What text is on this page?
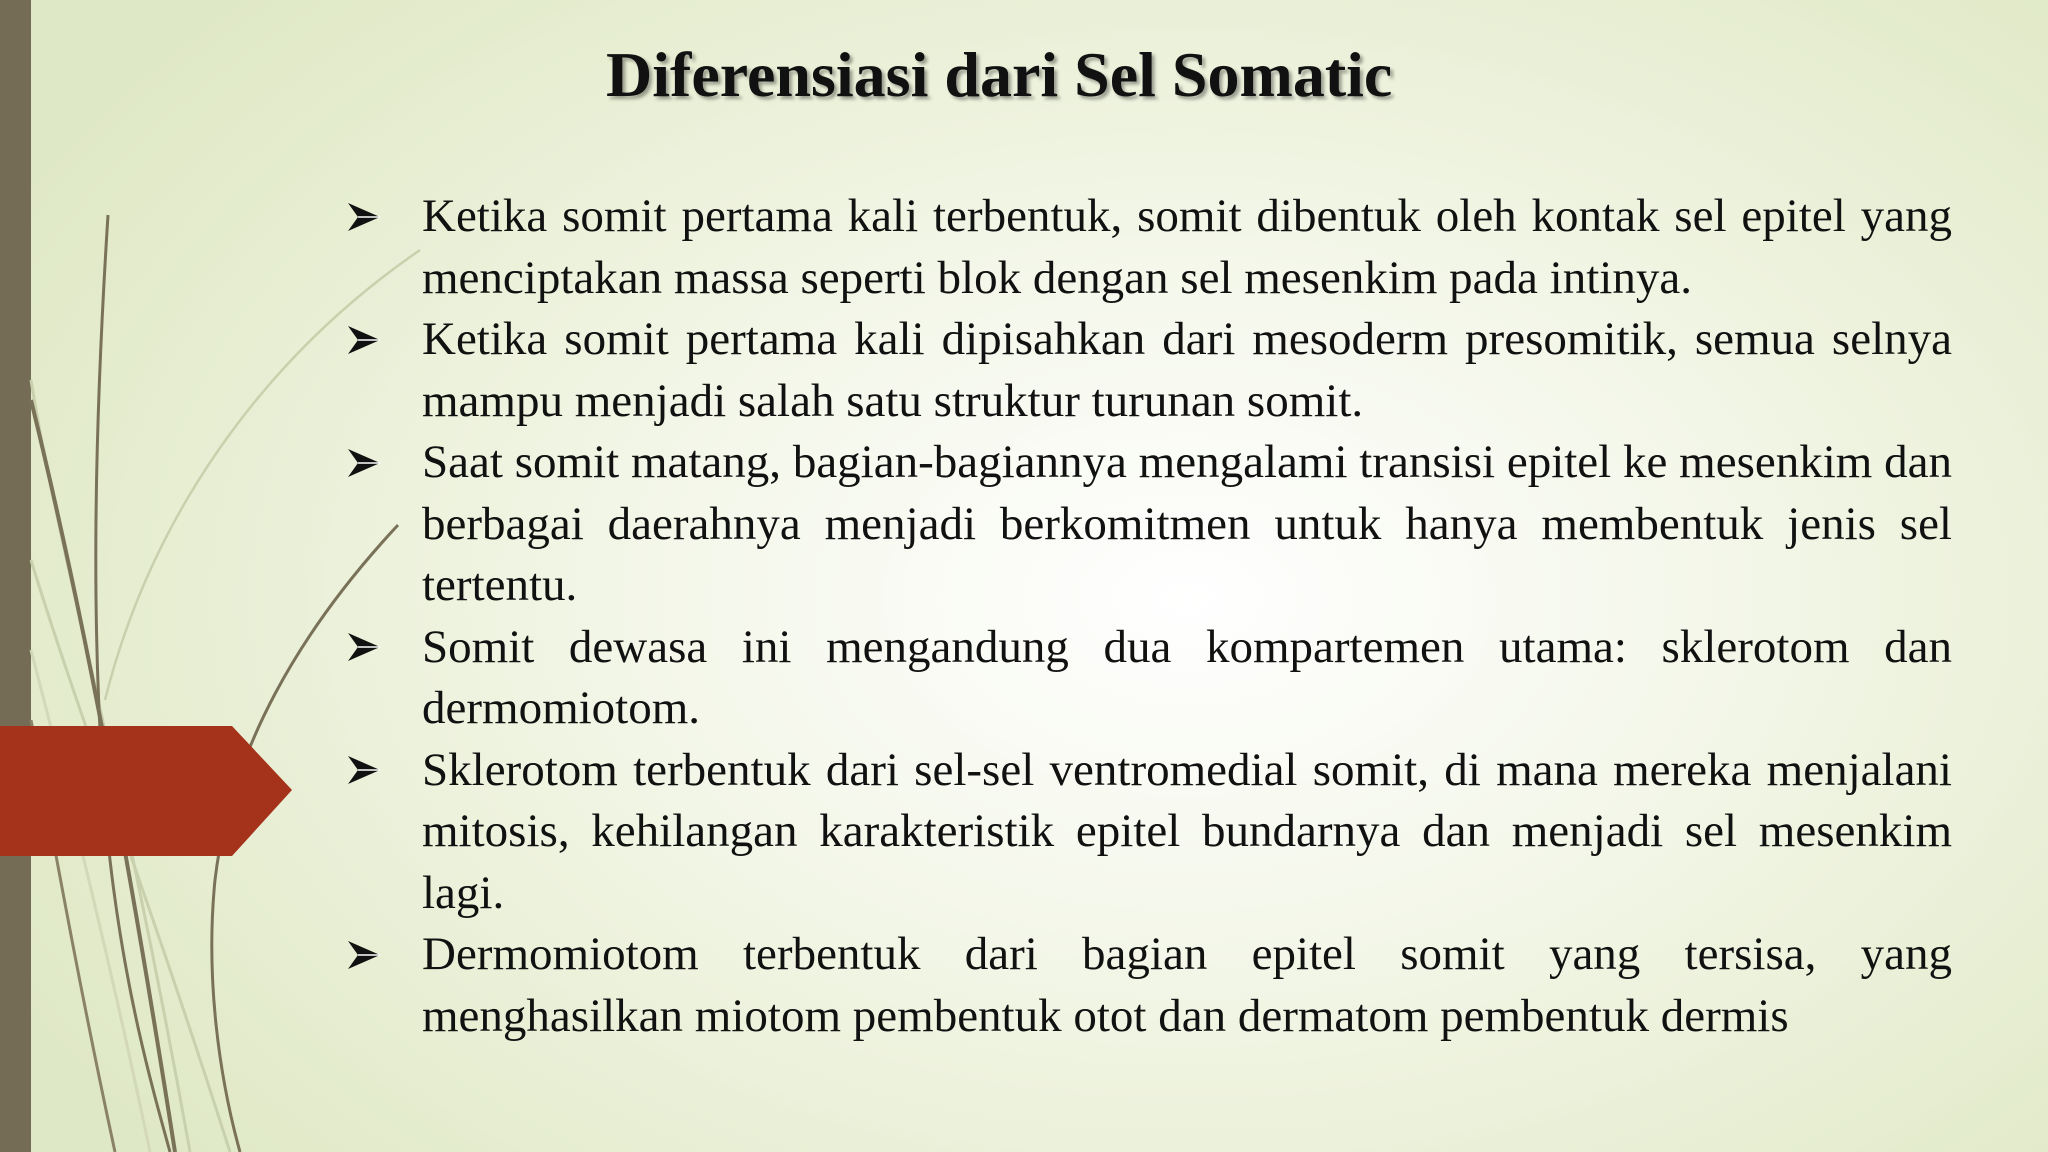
Diferensiasi dari Sel Somatic
Ketika somit pertama kali terbentuk, somit dibentuk oleh kontak sel epitel yang menciptakan massa seperti blok dengan sel mesenkim pada intinya.
Ketika somit pertama kali dipisahkan dari mesoderm presomitik, semua selnya mampu menjadi salah satu struktur turunan somit.
Saat somit matang, bagian-bagiannya mengalami transisi epitel ke mesenkim dan berbagai daerahnya menjadi berkomitmen untuk hanya membentuk jenis sel tertentu.
Somit dewasa ini mengandung dua kompartemen utama: sklerotom dan dermomiotom.
Sklerotom terbentuk dari sel-sel ventromedial somit, di mana mereka menjalani mitosis, kehilangan karakteristik epitel bundarnya dan menjadi sel mesenkim lagi.
Dermomiotom terbentuk dari bagian epitel somit yang tersisa, yang menghasilkan miotom pembentuk otot dan dermatom pembentuk dermis
